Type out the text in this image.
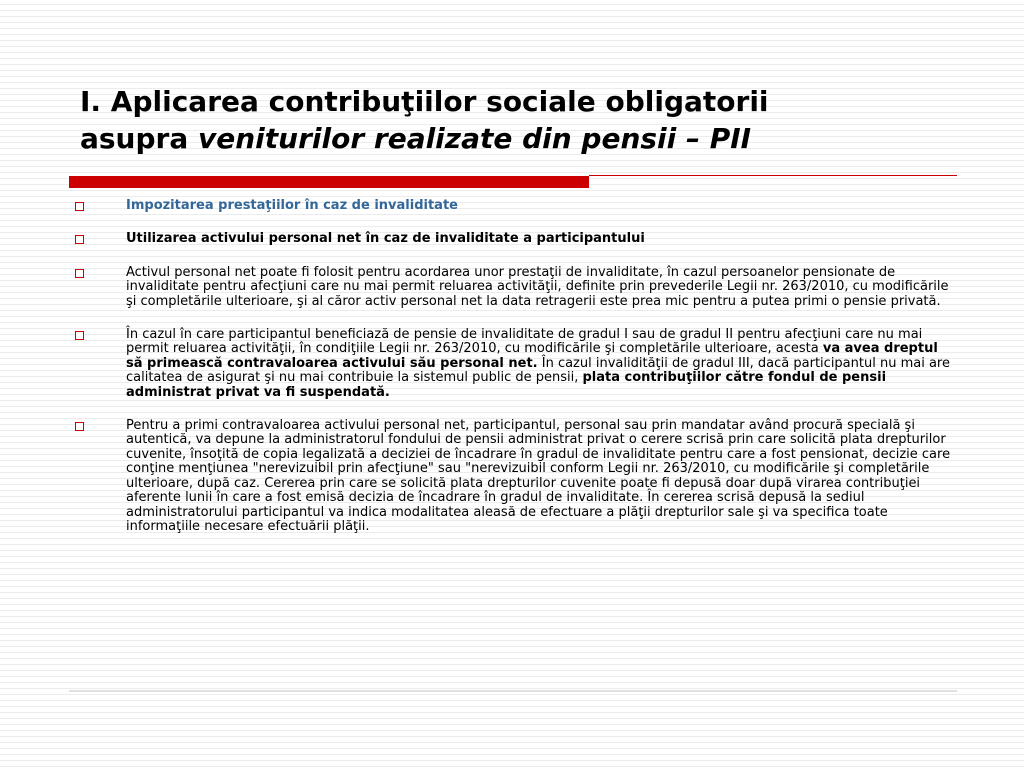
I. Aplicarea contribuţiilor sociale obligatorii
asupra veniturilor realizate din pensii – PII
Impozitarea prestaţiilor în caz de invaliditate
Utilizarea activului personal net în caz de invaliditate a participantului
Activul personal net poate fi folosit pentru acordarea unor prestaţii de invaliditate, în cazul persoanelor pensionate de invaliditate pentru afecţiuni care nu mai permit reluarea activităţii, definite prin prevederile Legii nr. 263/2010, cu modificările şi completările ulterioare, şi al căror activ personal net la data retragerii este prea mic pentru a putea primi o pensie privată.
În cazul în care participantul beneficiază de pensie de invaliditate de gradul I sau de gradul II pentru afecţiuni care nu mai permit reluarea activităţii, în condiţiile Legii nr. 263/2010, cu modificările şi completările ulterioare, acesta va avea dreptul să primească contravaloarea activului său personal net. În cazul invalidităţii de gradul III, dacă participantul nu mai are calitatea de asigurat şi nu mai contribuie la sistemul public de pensii, plata contribuţiilor către fondul de pensii administrat privat va fi suspendată.
Pentru a primi contravaloarea activului personal net, participantul, personal sau prin mandatar având procură specială şi autentică, va depune la administratorul fondului de pensii administrat privat o cerere scrisă prin care solicită plata drepturilor cuvenite, însoţită de copia legalizată a deciziei de încadrare în gradul de invaliditate pentru care a fost pensionat, decizie care conţine menţiunea "nerevizuibil prin afecţiune" sau "nerevizuibil conform Legii nr. 263/2010, cu modificările şi completările ulterioare, după caz. Cererea prin care se solicită plata drepturilor cuvenite poate fi depusă doar după virarea contribuţiei aferente lunii în care a fost emisă decizia de încadrare în gradul de invaliditate. În cererea scrisă depusă la sediul administratorului participantul va indica modalitatea aleasă de efectuare a plăţii drepturilor sale şi va specifica toate informaţiile necesare efectuării plăţii.
